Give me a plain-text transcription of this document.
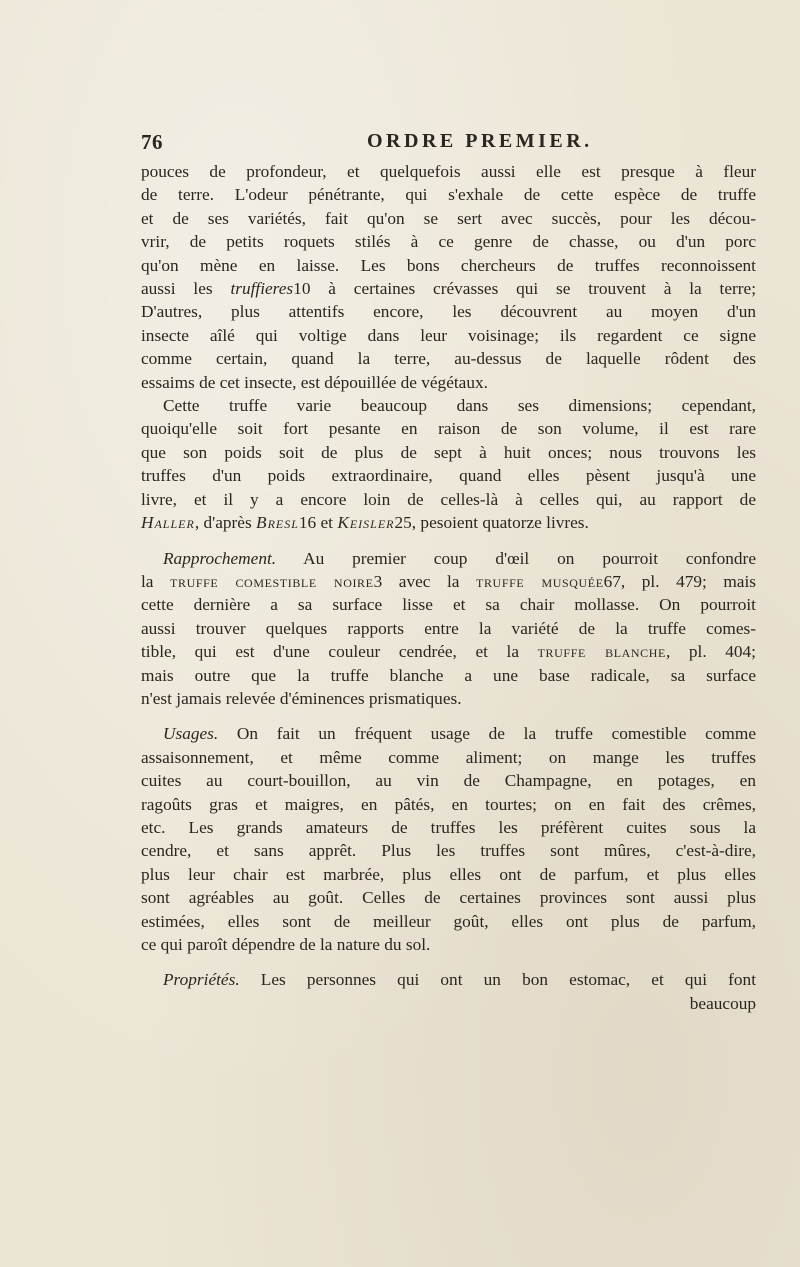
76	ORDRE PREMIER.
pouces de profondeur, et quelquefois aussi elle est presque à fleur
de terre. L'odeur pénétrante, qui s'exhale de cette espèce de truffe
et de ses variétés, fait qu'on se sert avec succès, pour les décou-
vrir, de petits roquets stilés à ce genre de chasse, ou d'un porc
qu'on mène en laisse. Les bons chercheurs de truffes reconnoissent
aussi les truffieres10 à certaines crévasses qui se trouvent à la terre;
D'autres, plus attentifs encore, les découvrent au moyen d'un
insecte aîlé qui voltige dans leur voisinage; ils regardent ce signe
comme certain, quand la terre, au-dessus de laquelle rôdent des
essaims de cet insecte, est dépouillée de végétaux.
Cette truffe varie beaucoup dans ses dimensions; cependant,
quoiqu'elle soit fort pesante en raison de son volume, il est rare
que son poids soit de plus de sept à huit onces; nous trouvons les
truffes d'un poids extraordinaire, quand elles pèsent jusqu'à une
livre, et il y a encore loin de celles-là à celles qui, au rapport de
Haller, d'après Bresl16 et Keisler25, pesoient quatorze livres.
Rapprochement. Au premier coup d'œil on pourroit confondre
la truffe comestible noire3 avec la truffe musquée67, pl. 479; mais
cette dernière a sa surface lisse et sa chair mollasse. On pourroit
aussi trouver quelques rapports entre la variété de la truffe comes-
tible, qui est d'une couleur cendrée, et la truffe blanche, pl. 404;
mais outre que la truffe blanche a une base radicale, sa surface
n'est jamais relevée d'éminences prismatiques.
Usages. On fait un fréquent usage de la truffe comestible comme
assaisonnement, et même comme aliment; on mange les truffes
cuites au court-bouillon, au vin de Champagne, en potages, en
ragoûts gras et maigres, en pâtés, en tourtes; on en fait des crêmes,
etc. Les grands amateurs de truffes les préfèrent cuites sous la
cendre, et sans apprêt. Plus les truffes sont mûres, c'est-à-dire,
plus leur chair est marbrée, plus elles ont de parfum, et plus elles
sont agréables au goût. Celles de certaines provinces sont aussi plus
estimées, elles sont de meilleur goût, elles ont plus de parfum,
ce qui paroît dépendre de la nature du sol.
Propriétés. Les personnes qui ont un bon estomac, et qui font
beaucoup
